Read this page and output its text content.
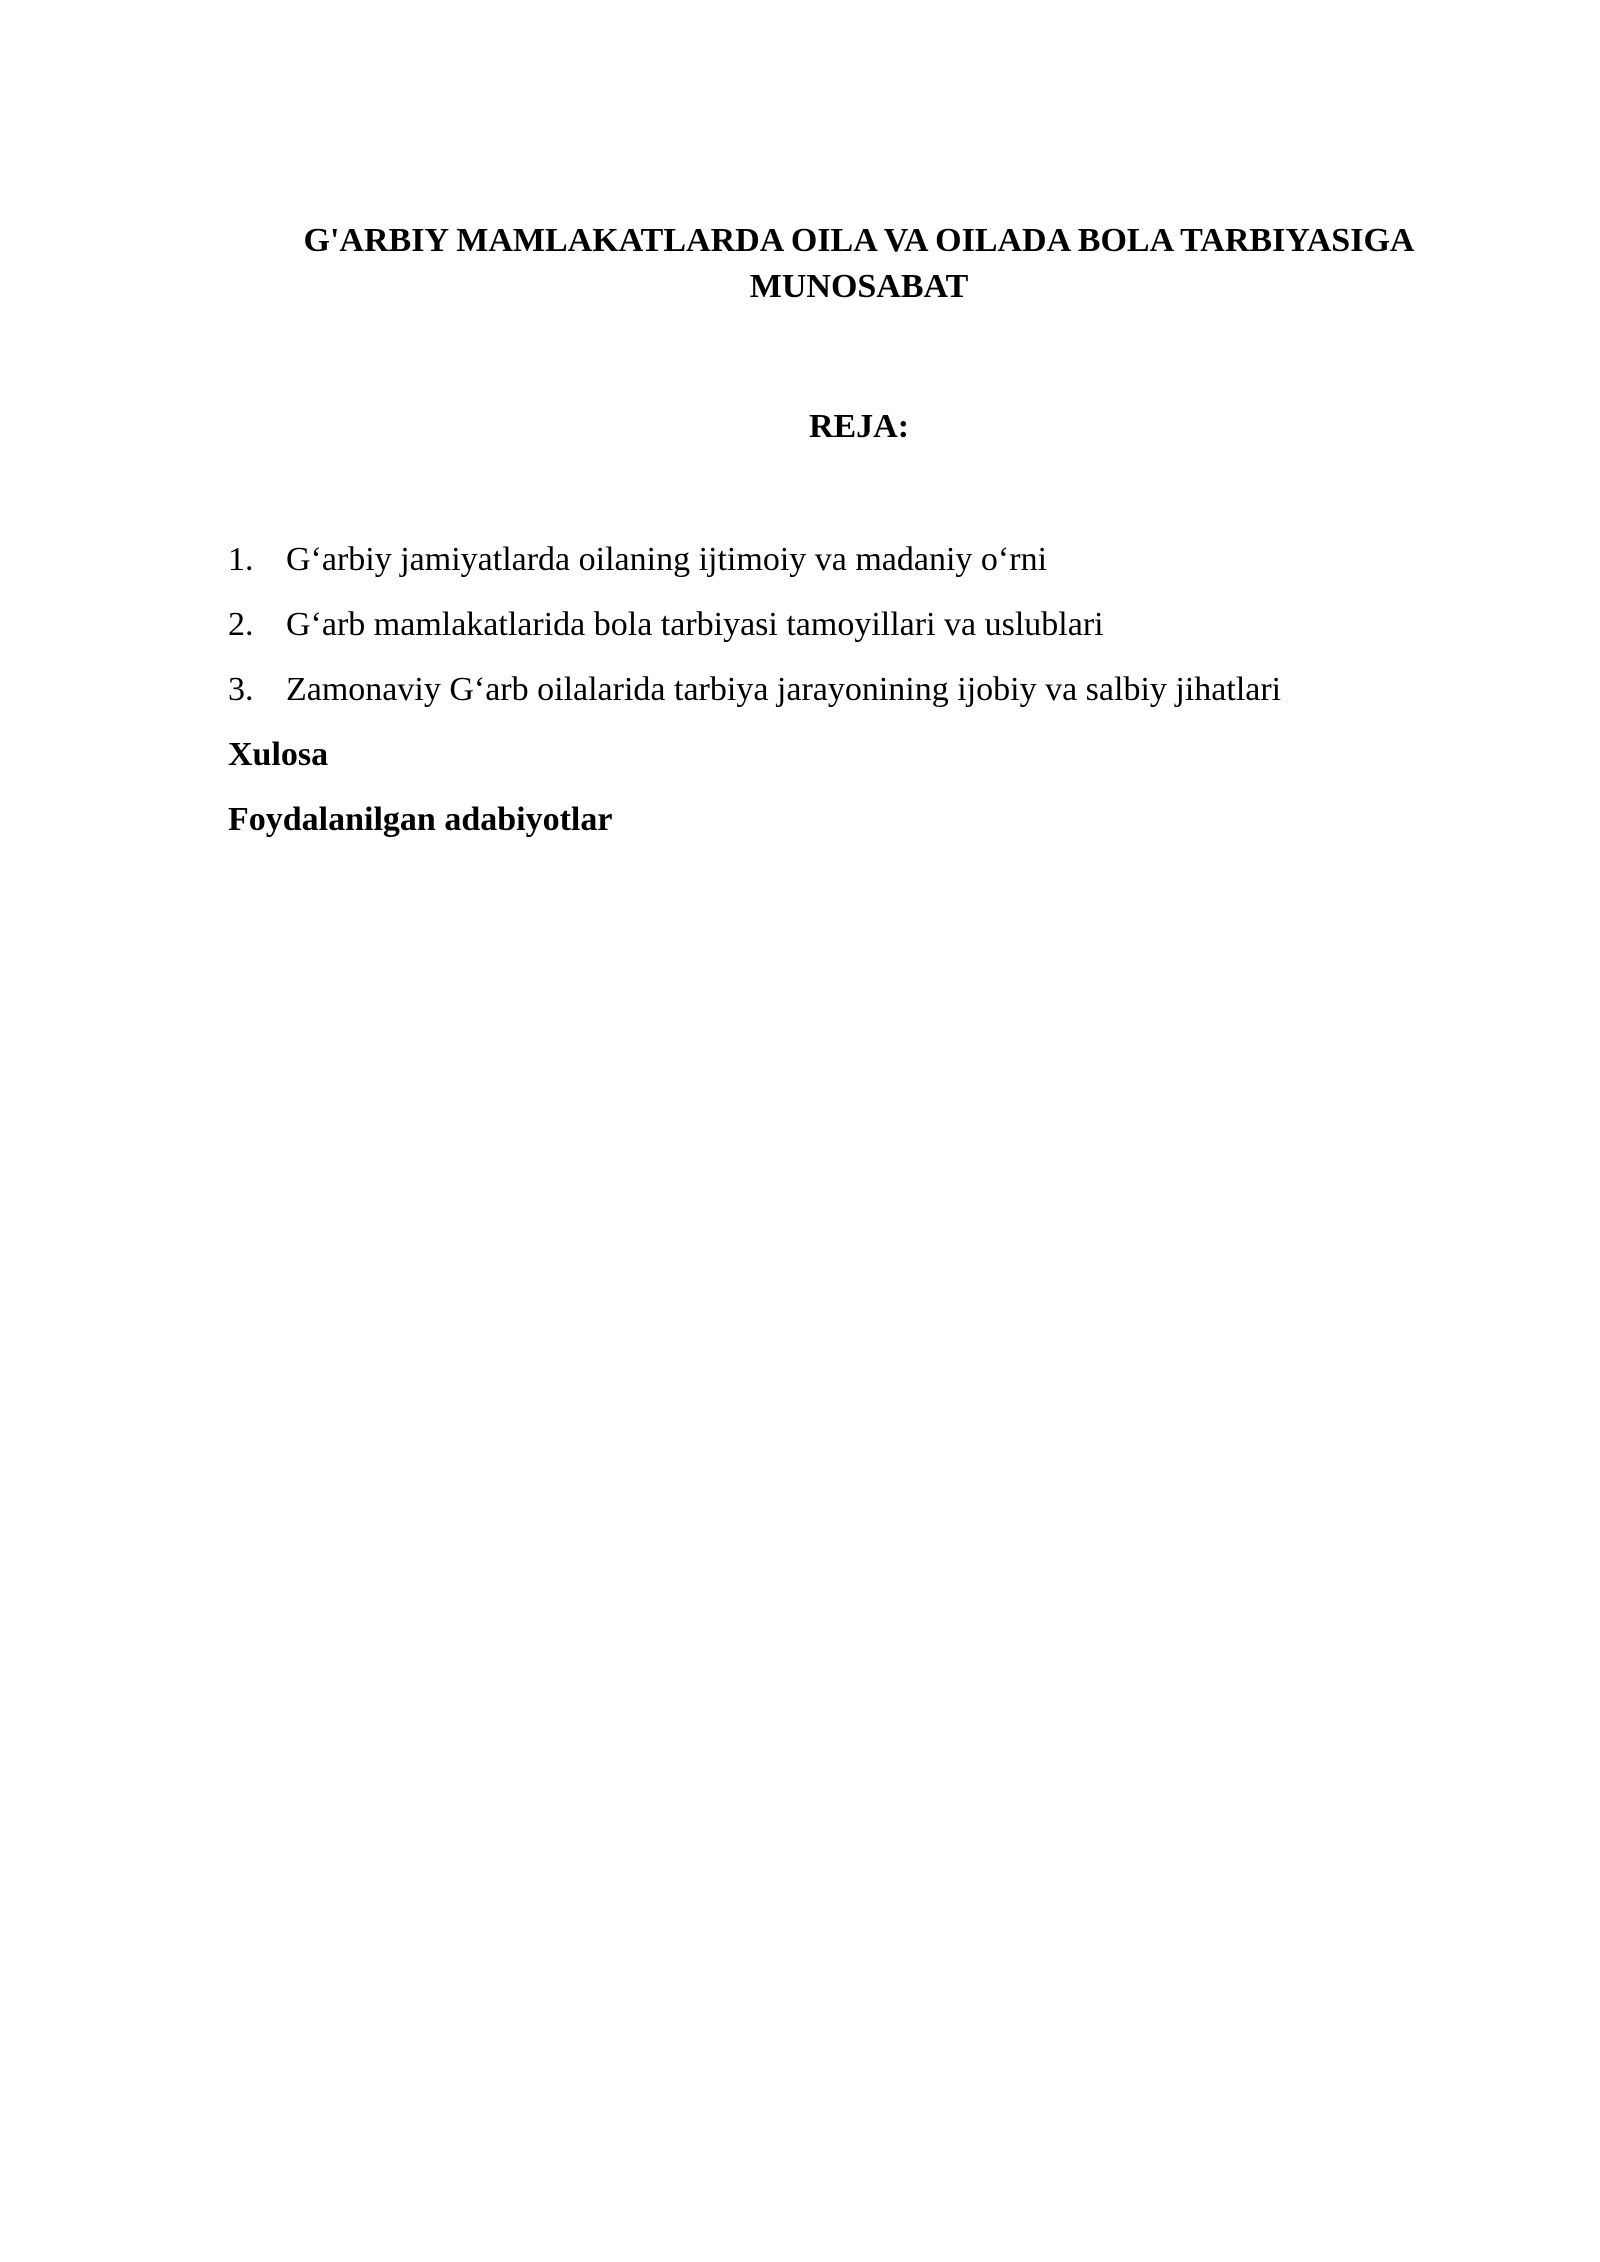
G'ARBIY MAMLAKATLARDA OILA VA OILADA BOLA TARBIYASIGA
MUNOSABAT
REJA:
1. G‘arbiy jamiyatlarda oilaning ijtimoiy va madaniy o‘rni
2. G‘arb mamlakatlarida bola tarbiyasi tamoyillari va uslublari
3. Zamonaviy G‘arb oilalarida tarbiya jarayonining ijobiy va salbiy jihatlari
Xulosa
Foydalanilgan adabiyotlar
